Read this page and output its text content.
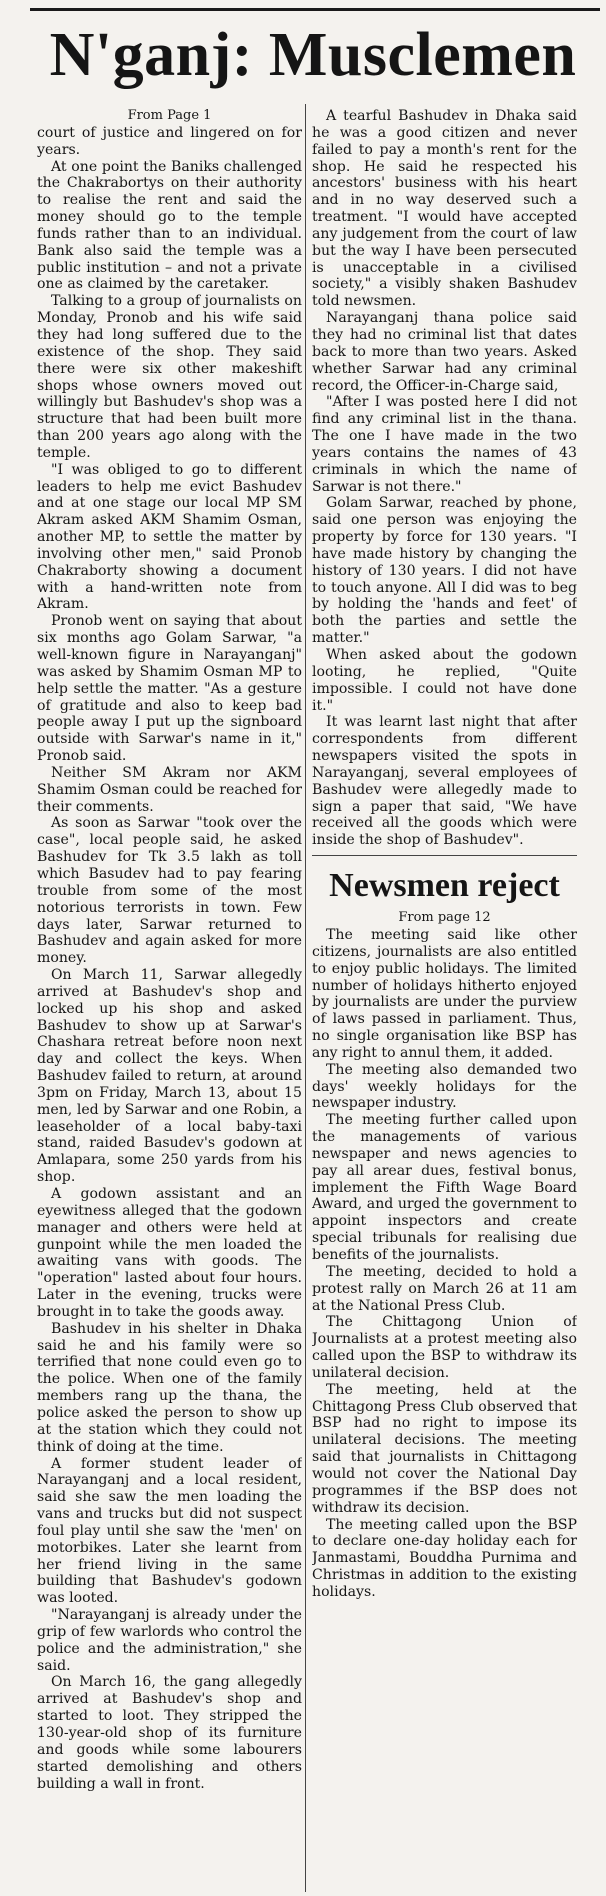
N'ganj: Musclemen
From Page 1

court of justice and lingered on for years.

At one point the Baniks challenged the Chakrabortys on their authority to realise the rent and said the money should go to the temple funds rather than to an individual. Bank also said the temple was a public institution – and not a private one as claimed by the caretaker.

Talking to a group of journalists on Monday, Pronob and his wife said they had long suffered due to the existence of the shop. They said there were six other makeshift shops whose owners moved out willingly but Bashudev's shop was a structure that had been built more than 200 years ago along with the temple.

"I was obliged to go to different leaders to help me evict Bashudev and at one stage our local MP SM Akram asked AKM Shamim Osman, another MP, to settle the matter by involving other men," said Pronob Chakraborty showing a document with a hand-written note from Akram.

Pronob went on saying that about six months ago Golam Sarwar, "a well-known figure in Narayanganj" was asked by Shamim Osman MP to help settle the matter. "As a gesture of gratitude and also to keep bad people away I put up the signboard outside with Sarwar's name in it," Pronob said.

Neither SM Akram nor AKM Shamim Osman could be reached for their comments.

As soon as Sarwar "took over the case", local people said, he asked Bashudev for Tk 3.5 lakh as toll which Basudev had to pay fearing trouble from some of the most notorious terrorists in town. Few days later, Sarwar returned to Bashudev and again asked for more money.

On March 11, Sarwar allegedly arrived at Bashudev's shop and locked up his shop and asked Bashudev to show up at Sarwar's Chashara retreat before noon next day and collect the keys. When Bashudev failed to return, at around 3pm on Friday, March 13, about 15 men, led by Sarwar and one Robin, a leaseholder of a local baby-taxi stand, raided Basudev's godown at Amlapara, some 250 yards from his shop.

A godown assistant and an eyewitness alleged that the godown manager and others were held at gunpoint while the men loaded the awaiting vans with goods. The "operation" lasted about four hours. Later in the evening, trucks were brought in to take the goods away.

Bashudev in his shelter in Dhaka said he and his family were so terrified that none could even go to the police. When one of the family members rang up the thana, the police asked the person to show up at the station which they could not think of doing at the time.

A former student leader of Narayanganj and a local resident, said she saw the men loading the vans and trucks but did not suspect foul play until she saw the 'men' on motorbikes. Later she learnt from her friend living in the same building that Bashudev's godown was looted.

"Narayanganj is already under the grip of few warlords who control the police and the administration," she said.

On March 16, the gang allegedly arrived at Bashudev's shop and started to loot. They stripped the 130-year-old shop of its furniture and goods while some labourers started demolishing and others building a wall in front.

A tearful Bashudev in Dhaka said he was a good citizen and never failed to pay a month's rent for the shop. He said he respected his ancestors' business with his heart and in no way deserved such a treatment. "I would have accepted any judgement from the court of law but the way I have been persecuted is unacceptable in a civilised society," a visibly shaken Bashudev told newsmen.

Narayanganj thana police said they had no criminal list that dates back to more than two years. Asked whether Sarwar had any criminal record, the Officer-in-Charge said,

"After I was posted here I did not find any criminal list in the thana. The one I have made in the two years contains the names of 43 criminals in which the name of Sarwar is not there."

Golam Sarwar, reached by phone, said one person was enjoying the property by force for 130 years. "I have made history by changing the history of 130 years. I did not have to touch anyone. All I did was to beg by holding the 'hands and feet' of both the parties and settle the matter."

When asked about the godown looting, he replied, "Quite impossible. I could not have done it."

It was learnt last night that after correspondents from different newspapers visited the spots in Narayanganj, several employees of Bashudev were allegedly made to sign a paper that said, "We have received all the goods which were inside the shop of Bashudev".

Newsmen reject
From page 12

The meeting said like other citizens, journalists are also entitled to enjoy public holidays. The limited number of holidays hitherto enjoyed by journalists are under the purview of laws passed in parliament. Thus, no single organisation like BSP has any right to annul them, it added.

The meeting also demanded two days' weekly holidays for the newspaper industry.

The meeting further called upon the managements of various newspaper and news agencies to pay all arear dues, festival bonus, implement the Fifth Wage Board Award, and urged the government to appoint inspectors and create special tribunals for realising due benefits of the journalists.

The meeting, decided to hold a protest rally on March 26 at 11 am at the National Press Club.

The Chittagong Union of Journalists at a protest meeting also called upon the BSP to withdraw its unilateral decision.

The meeting, held at the Chittagong Press Club observed that BSP had no right to impose its unilateral decisions. The meeting said that journalists in Chittagong would not cover the National Day programmes if the BSP does not withdraw its decision.

The meeting called upon the BSP to declare one-day holiday each for Janmastami, Bouddha Purnima and Christmas in addition to the existing holidays.
